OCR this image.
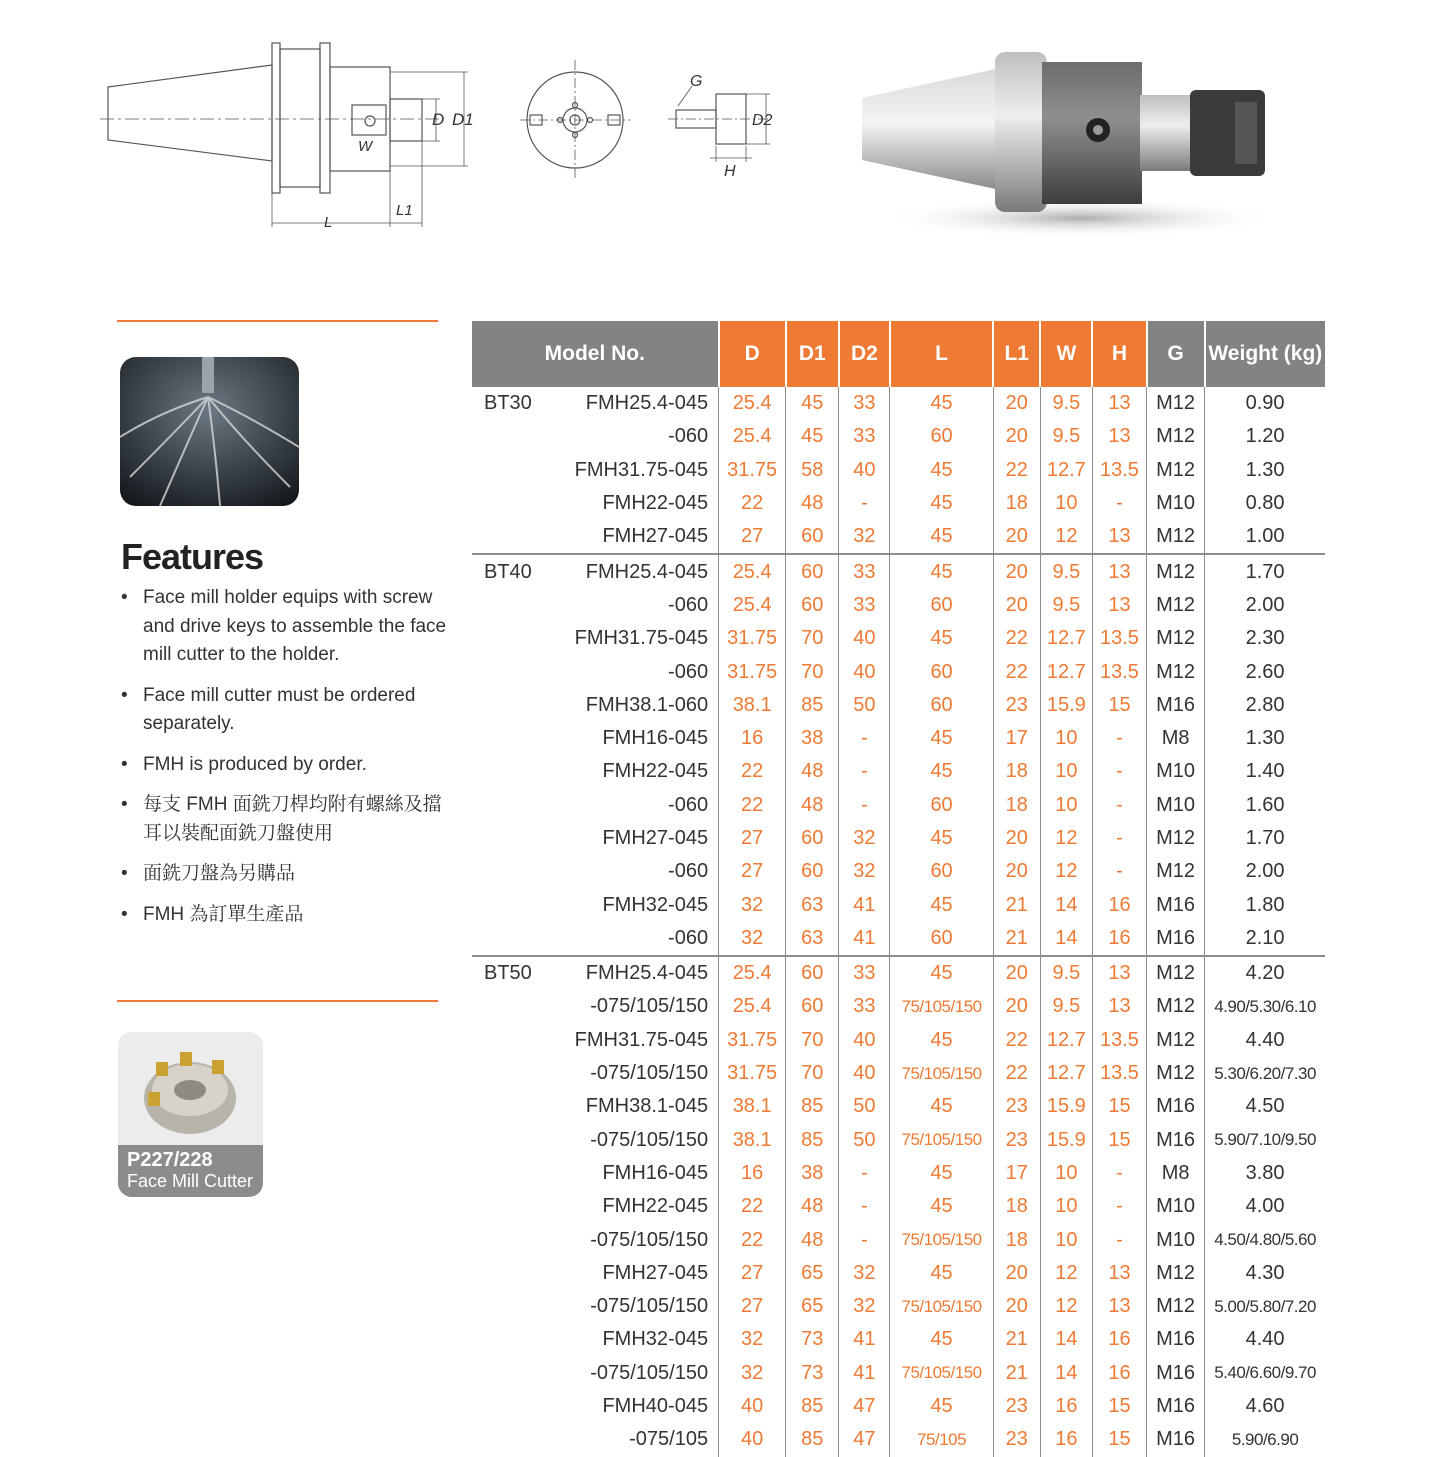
D D1
W
L
L1
G
D2
H
Features
• Face mill holder equips with screw and drive keys to assemble the face mill cutter to the holder.
• Face mill cutter must be ordered separately.
• FMH is produced by order.
• 每支 FMH 面銑刀桿均附有螺絲及擋耳以裝配面銑刀盤使用
• 面銑刀盤為另購品
• FMH 為訂單生產品
P227/228
Face Mill Cutter
Model No.	D	D1	D2	L	L1	W	H	G	Weight (kg)

BT30 FMH25.4-045	25.4	45	33	45	20	9.5	13	M12	0.90
-060	25.4	45	33	60	20	9.5	13	M12	1.20
FMH31.75-045	31.75	58	40	45	22	12.7	13.5	M12	1.30
FMH22-045	22	48	-	45	18	10	-	M10	0.80
FMH27-045	27	60	32	45	20	12	13	M12	1.00

BT40 FMH25.4-045	25.4	60	33	45	20	9.5	13	M12	1.70
-060	25.4	60	33	60	20	9.5	13	M12	2.00
FMH31.75-045	31.75	70	40	45	22	12.7	13.5	M12	2.30
-060	31.75	70	40	60	22	12.7	13.5	M12	2.60
FMH38.1-060	38.1	85	50	60	23	15.9	15	M16	2.80
FMH16-045	16	38	-	45	17	10	-	M8	1.30
FMH22-045	22	48	-	45	18	10	-	M10	1.40
-060	22	48	-	60	18	10	-	M10	1.60
FMH27-045	27	60	32	45	20	12	-	M12	1.70
-060	27	60	32	60	20	12	-	M12	2.00
FMH32-045	32	63	41	45	21	14	16	M16	1.80
-060	32	63	41	60	21	14	16	M16	2.10

BT50 FMH25.4-045	25.4	60	33	45	20	9.5	13	M12	4.20
-075/105/150	25.4	60	33	75/105/150	20	9.5	13	M12	4.90/5.30/6.10
FMH31.75-045	31.75	70	40	45	22	12.7	13.5	M12	4.40
-075/105/150	31.75	70	40	75/105/150	22	12.7	13.5	M12	5.30/6.20/7.30
FMH38.1-045	38.1	85	50	45	23	15.9	15	M16	4.50
-075/105/150	38.1	85	50	75/105/150	23	15.9	15	M16	5.90/7.10/9.50
FMH16-045	16	38	-	45	17	10	-	M8	3.80
FMH22-045	22	48	-	45	18	10	-	M10	4.00
-075/105/150	22	48	-	75/105/150	18	10	-	M10	4.50/4.80/5.60
FMH27-045	27	65	32	45	20	12	13	M12	4.30
-075/105/150	27	65	32	75/105/150	20	12	13	M12	5.00/5.80/7.20
FMH32-045	32	73	41	45	21	14	16	M16	4.40
-075/105/150	32	73	41	75/105/150	21	14	16	M16	5.40/6.60/9.70
FMH40-045	40	85	47	45	23	16	15	M16	4.60
-075/105	40	85	47	75/105	23	16	15	M16	5.90/6.90
